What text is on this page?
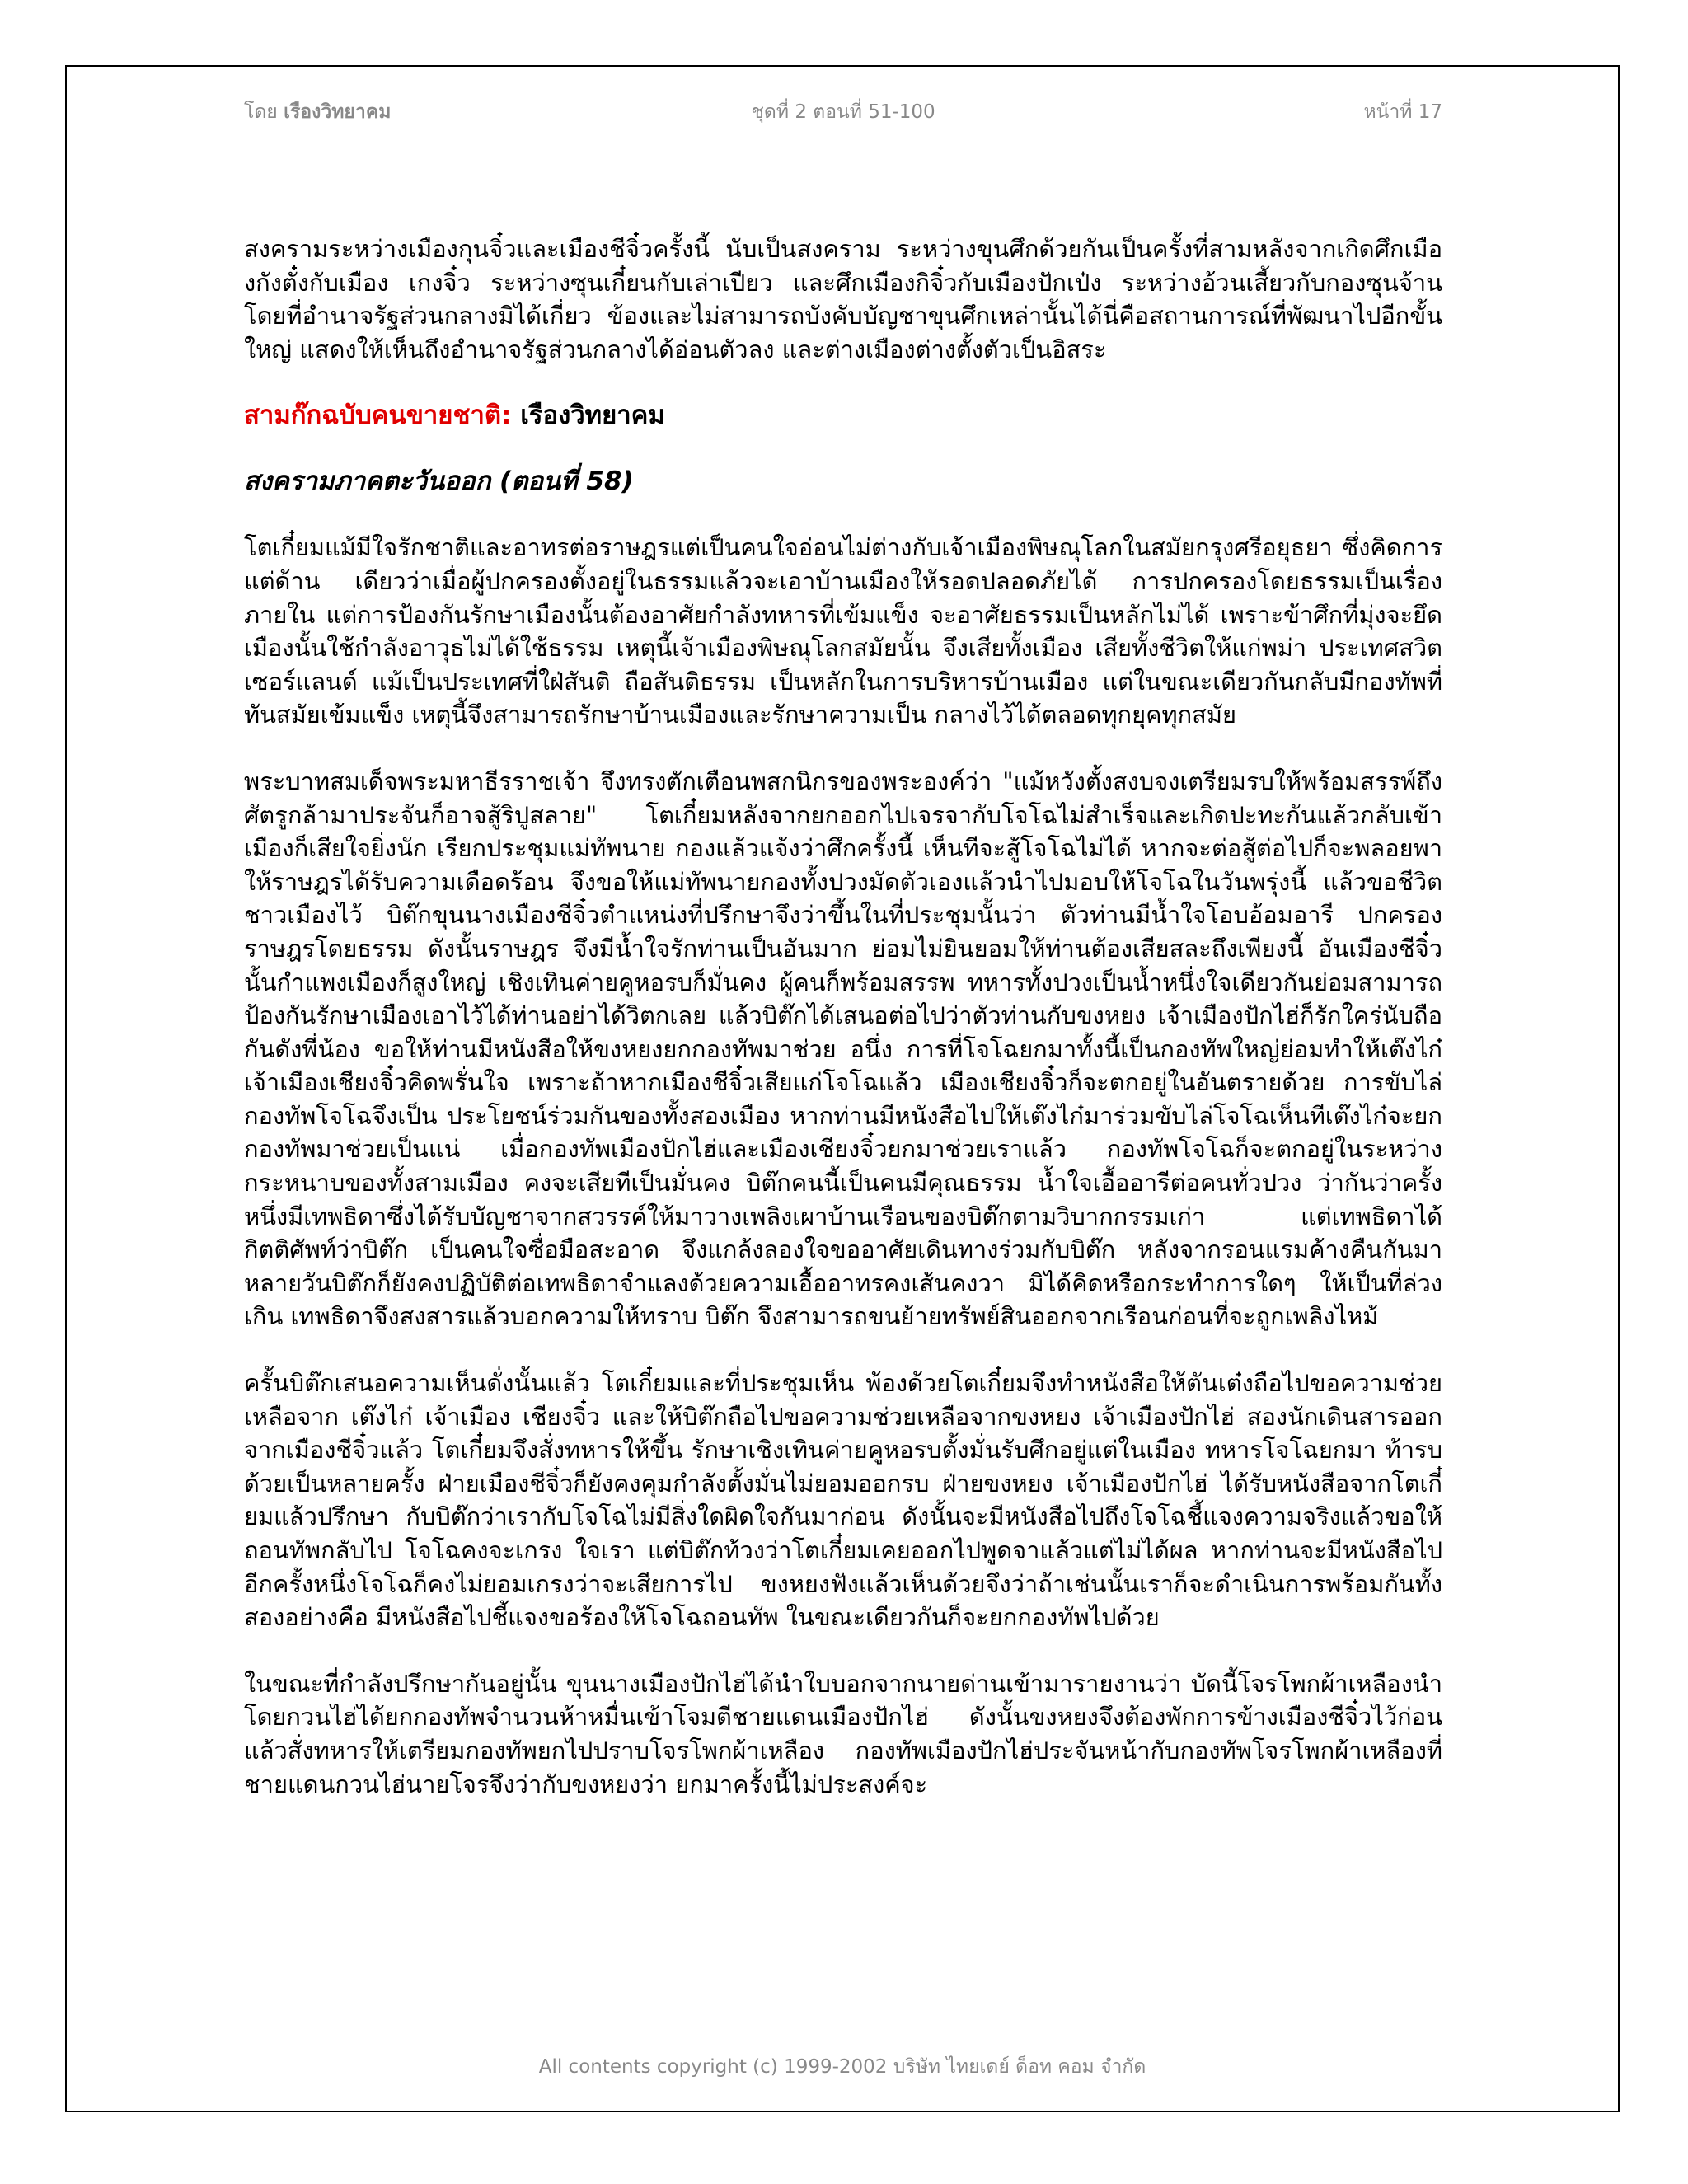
โดย เรืองวิทยาคม	ชุดที่ 2 ตอนที่ 51-100	หน้าที่ 17

สงครามระหว่างเมืองกุนจิ๋วและเมืองชีจิ๋วครั้งนี้ นับเป็นสงคราม ระหว่างขุนศึกด้วยกันเป็นครั้งที่สามหลังจากเกิดศึกเมืองกังตั๋งกับเมือง เกงจิ๋ว ระหว่างซุนเกี๋ยนกับเล่าเปียว และศึกเมืองกิจิ๋วกับเมืองปักเป๋ง ระหว่างอ้วนเสี้ยวกับกองซุนจ้าน โดยที่อำนาจรัฐส่วนกลางมิได้เกี่ยว ข้องและไม่สามารถบังคับบัญชาขุนศึกเหล่านั้นได้นี่คือสถานการณ์ที่พัฒนาไปอีกขั้นใหญ่ แสดงให้เห็นถึงอำนาจรัฐส่วนกลางได้อ่อนตัวลง และต่างเมืองต่างตั้งตัวเป็นอิสระ

สามก๊กฉบับคนขายชาติ: เรืองวิทยาคม
สงครามภาคตะวันออก (ตอนที่ 58)

โตเกี๋ยมแม้มีใจรักชาติและอาทรต่อราษฎรแต่เป็นคนใจอ่อนไม่ต่างกับเจ้าเมืองพิษณุโลกในสมัยกรุงศรีอยุธยา ซึ่งคิดการแต่ด้าน เดียวว่าเมื่อผู้ปกครองตั้งอยู่ในธรรมแล้วจะเอาบ้านเมืองให้รอดปลอดภัยได้ การปกครองโดยธรรมเป็นเรื่องภายใน แต่การป้องกันรักษาเมืองนั้นต้องอาศัยกำลังทหารที่เข้มแข็ง จะอาศัยธรรมเป็นหลักไม่ได้ เพราะข้าศึกที่มุ่งจะยึดเมืองนั้นใช้กำลังอาวุธไม่ได้ใช้ธรรม เหตุนี้เจ้าเมืองพิษณุโลกสมัยนั้น จึงเสียทั้งเมือง เสียทั้งชีวิตให้แก่พม่า ประเทศสวิตเซอร์แลนด์ แม้เป็นประเทศที่ใฝ่สันติ ถือสันติธรรม เป็นหลักในการบริหารบ้านเมือง แต่ในขณะเดียวกันกลับมีกองทัพที่ทันสมัยเข้มแข็ง เหตุนี้จึงสามารถรักษาบ้านเมืองและรักษาความเป็น กลางไว้ได้ตลอดทุกยุคทุกสมัย

พระบาทสมเด็จพระมหาธีรราชเจ้า จึงทรงตักเตือนพสกนิกรของพระองค์ว่า "แม้หวังตั้งสงบจงเตรียมรบให้พร้อมสรรพ์ถึงศัตรูกล้ามาประจันก็อาจสู้ริปูสลาย" โตเกี๋ยมหลังจากยกออกไปเจรจากับโจโฉไม่สำเร็จและเกิดปะทะกันแล้วกลับเข้าเมืองก็เสียใจยิ่งนัก เรียกประชุมแม่ทัพนาย กองแล้วแจ้งว่าศึกครั้งนี้ เห็นทีจะสู้โจโฉไม่ได้ หากจะต่อสู้ต่อไปก็จะพลอยพาให้ราษฎรได้รับความเดือดร้อน จึงขอให้แม่ทัพนายกองทั้งปวงมัดตัวเองแล้วนำไปมอบให้โจโฉในวันพรุ่งนี้ แล้วขอชีวิตชาวเมืองไว้ บิต๊กขุนนางเมืองชีจิ๋วตำแหน่งที่ปรึกษาจึงว่าขึ้นในที่ประชุมนั้นว่า ตัวท่านมีน้ำใจโอบอ้อมอารี ปกครองราษฎรโดยธรรม ดังนั้นราษฎร จึงมีน้ำใจรักท่านเป็นอันมาก ย่อมไม่ยินยอมให้ท่านต้องเสียสละถึงเพียงนี้ อันเมืองชีจิ๋วนั้นกำแพงเมืองก็สูงใหญ่ เชิงเทินค่ายคูหอรบก็มั่นคง ผู้คนก็พร้อมสรรพ ทหารทั้งปวงเป็นน้ำหนึ่งใจเดียวกันย่อมสามารถป้องกันรักษาเมืองเอาไว้ได้ท่านอย่าได้วิตกเลย แล้วบิต๊กได้เสนอต่อไปว่าตัวท่านกับขงหยง เจ้าเมืองปักไฮ่ก็รักใคร่นับถือกันดังพี่น้อง ขอให้ท่านมีหนังสือให้ขงหยงยกกองทัพมาช่วย อนึ่ง การที่โจโฉยกมาทั้งนี้เป็นกองทัพใหญ่ย่อมทำให้เต๊งไก๋ เจ้าเมืองเชียงจิ๋วคิดพรั่นใจ เพราะถ้าหากเมืองชีจิ๋วเสียแก่โจโฉแล้ว เมืองเชียงจิ๋วก็จะตกอยู่ในอันตรายด้วย การขับไล่กองทัพโจโฉจึงเป็น ประโยชน์ร่วมกันของทั้งสองเมือง หากท่านมีหนังสือไปให้เต๊งไก๋มาร่วมขับไล่โจโฉเห็นทีเต๊งไก๋จะยกกองทัพมาช่วยเป็นแน่ เมื่อกองทัพเมืองปักไฮ่และเมืองเชียงจิ๋วยกมาช่วยเราแล้ว กองทัพโจโฉก็จะตกอยู่ในระหว่างกระหนาบของทั้งสามเมือง คงจะเสียทีเป็นมั่นคง บิต๊กคนนี้เป็นคนมีคุณธรรม น้ำใจเอื้ออารีต่อคนทั่วปวง ว่ากันว่าครั้งหนึ่งมีเทพธิดาซึ่งได้รับบัญชาจากสวรรค์ให้มาวางเพลิงเผาบ้านเรือนของบิต๊กตามวิบากกรรมเก่า แต่เทพธิดาได้กิตติศัพท์ว่าบิต๊ก เป็นคนใจซื่อมือสะอาด จึงแกล้งลองใจขออาศัยเดินทางร่วมกับบิต๊ก หลังจากรอนแรมค้างคืนกันมาหลายวันบิต๊กก็ยังคงปฏิบัติต่อเทพธิดาจำแลงด้วยความเอื้ออาทรคงเส้นคงวา มิได้คิดหรือกระทำการใดๆ ให้เป็นที่ล่วงเกิน เทพธิดาจึงสงสารแล้วบอกความให้ทราบ บิต๊ก จึงสามารถขนย้ายทรัพย์สินออกจากเรือนก่อนที่จะถูกเพลิงไหม้

ครั้นบิต๊กเสนอความเห็นดั่งนั้นแล้ว โตเกี๋ยมและที่ประชุมเห็น พ้องด้วยโตเกี๋ยมจึงทำหนังสือให้ตันเต๋งถือไปขอความช่วยเหลือจาก เต๊งไก๋ เจ้าเมือง เชียงจิ๋ว และให้บิต๊กถือไปขอความช่วยเหลือจากขงหยง เจ้าเมืองปักไฮ่ สองนักเดินสารออกจากเมืองชีจิ๋วแล้ว โตเกี๋ยมจึงสั่งทหารให้ขึ้น รักษาเชิงเทินค่ายคูหอรบตั้งมั่นรับศึกอยู่แต่ในเมือง ทหารโจโฉยกมา ท้ารบด้วยเป็นหลายครั้ง ฝ่ายเมืองชีจิ๋วก็ยังคงคุมกำลังตั้งมั่นไม่ยอมออกรบ ฝ่ายขงหยง เจ้าเมืองปักไฮ่ ได้รับหนังสือจากโตเกี๋ยมแล้วปรึกษา กับบิต๊กว่าเรากับโจโฉไม่มีสิ่งใดผิดใจกันมาก่อน ดังนั้นจะมีหนังสือไปถึงโจโฉชี้แจงความจริงแล้วขอให้ถอนทัพกลับไป โจโฉคงจะเกรง ใจเรา แต่บิต๊กท้วงว่าโตเกี๋ยมเคยออกไปพูดจาแล้วแต่ไม่ได้ผล หากท่านจะมีหนังสือไปอีกครั้งหนึ่งโจโฉก็คงไม่ยอมเกรงว่าจะเสียการไป ขงหยงฟังแล้วเห็นด้วยจึงว่าถ้าเช่นนั้นเราก็จะดำเนินการพร้อมกันทั้งสองอย่างคือ มีหนังสือไปชี้แจงขอร้องให้โจโฉถอนทัพ ในขณะเดียวกันก็จะยกกองทัพไปด้วย

ในขณะที่กำลังปรึกษากันอยู่นั้น ขุนนางเมืองปักไฮ่ได้นำใบบอกจากนายด่านเข้ามารายงานว่า บัดนี้โจรโพกผ้าเหลืองนำโดยกวนไฮ่ได้ยกกองทัพจำนวนห้าหมื่นเข้าโจมตีชายแดนเมืองปักไฮ่ ดังนั้นขงหยงจึงต้องพักการข้างเมืองชีจิ๋วไว้ก่อน แล้วสั่งทหารให้เตรียมกองทัพยกไปปราบโจรโพกผ้าเหลือง กองทัพเมืองปักไฮ่ประจันหน้ากับกองทัพโจรโพกผ้าเหลืองที่ชายแดนกวนไฮ่นายโจรจึงว่ากับขงหยงว่า ยกมาครั้งนี้ไม่ประสงค์จะ

All contents copyright (c) 1999-2002 บริษัท ไทยเดย์ ด็อท คอม จำกัด
